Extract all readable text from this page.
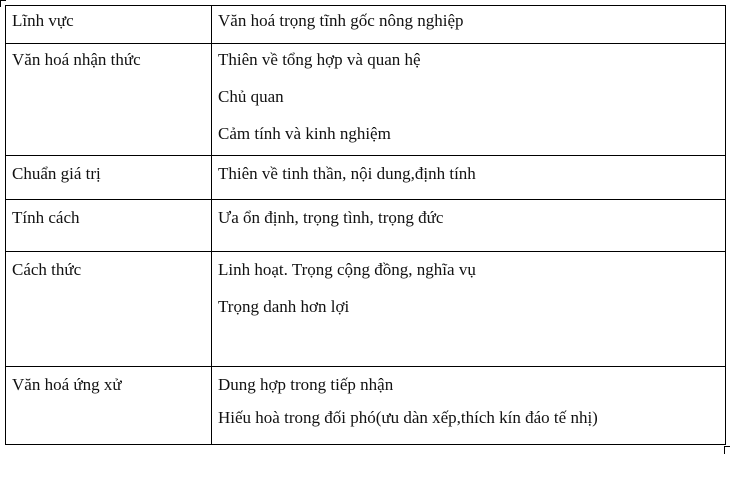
Lĩnh vực	Văn hoá trọng tĩnh gốc nông nghiệp
Văn hoá nhận thức	Thiên về tổng hợp và quan hệ
Chủ quan
Cảm tính và kinh nghiệm

Chuẩn giá trị	Thiên về tinh thần, nội dung,định tính
Tính cách	Ưa ổn định, trọng tình, trọng đức
Cách thức	Linh hoạt. Trọng cộng đồng, nghĩa vụ
Trọng danh hơn lợi

Văn hoá ứng xử	Dung hợp trong tiếp nhận
Hiếu hoà trong đối phó(ưu dàn xếp,thích kín đáo tế nhị)
